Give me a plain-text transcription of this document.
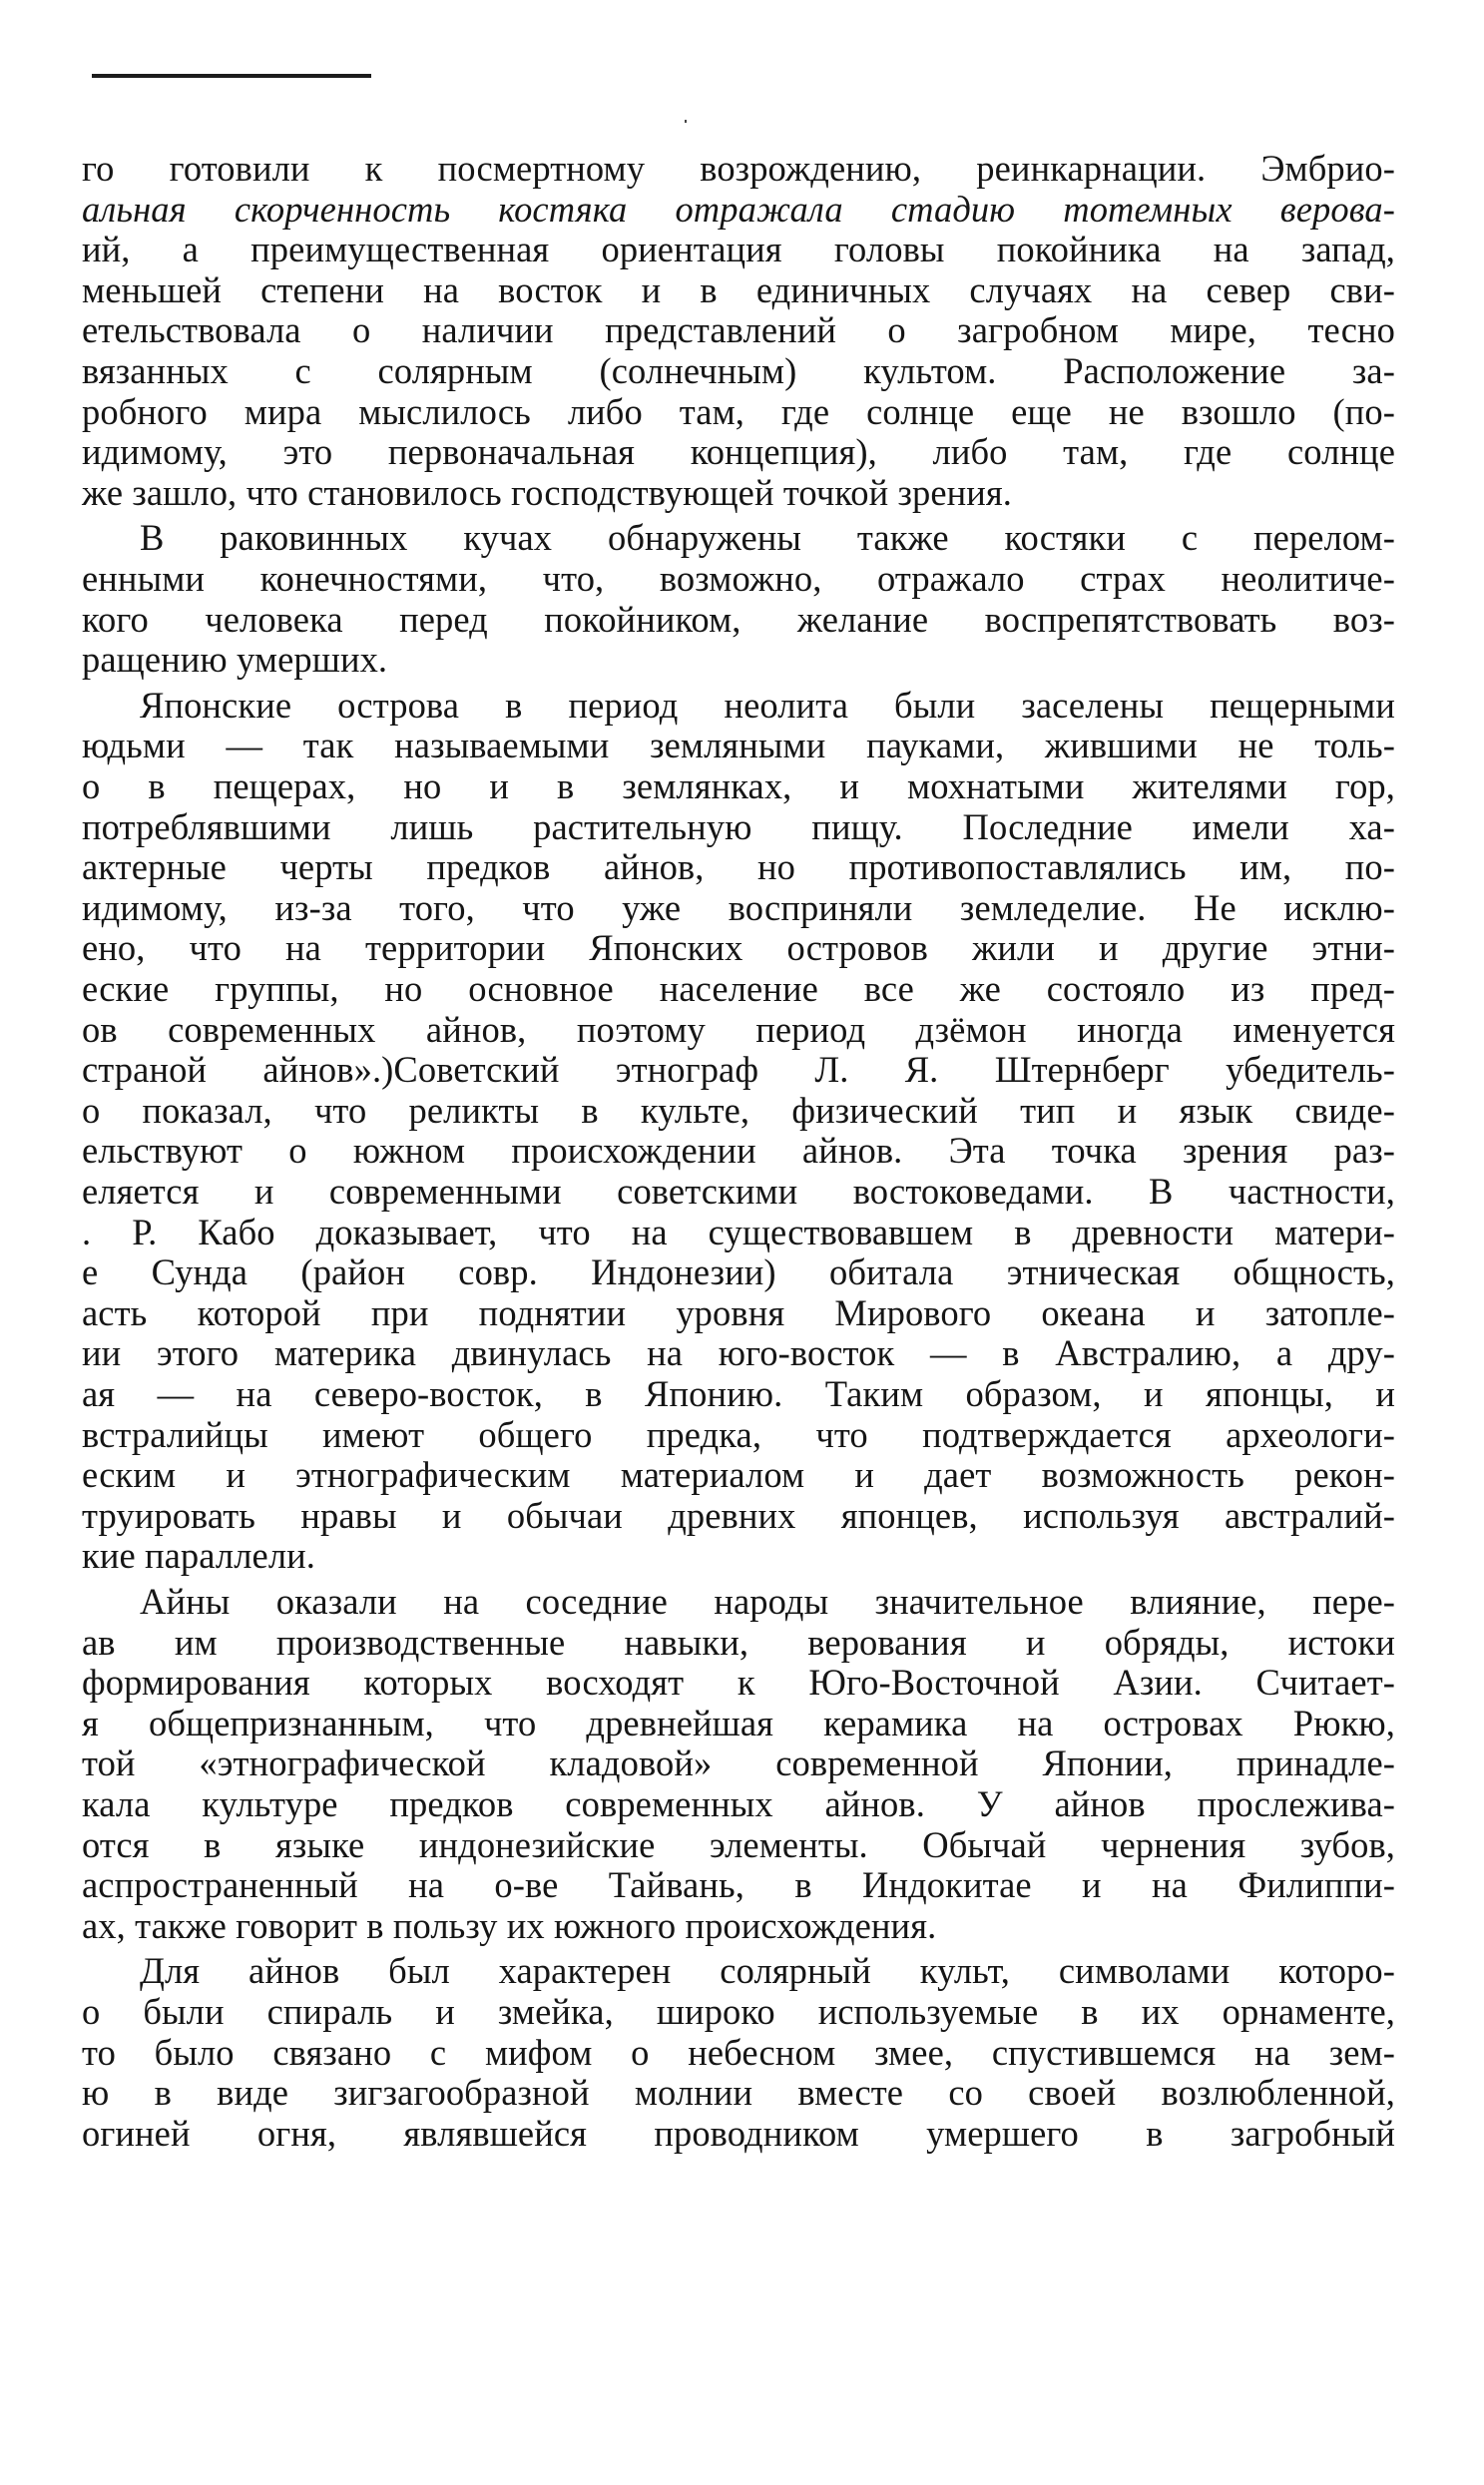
го готовили к посмертному возрождению, реинкарнации. Эмбрио-
альная скорченность костяка отражала стадию тотемных верова-
ий, а преимущественная ориентация головы покойника на запад,
меньшей степени на восток и в единичных случаях на север сви-
етельствовала о наличии представлений о загробном мире, тесно
вязанных с солярным (солнечным) культом. Расположение за-
робного мира мыслилось либо там, где солнце еще не взошло (по-
идимому, это первоначальная концепция), либо там, где солнце
же зашло, что становилось господствующей точкой зрения.
В раковинных кучах обнаружены также костяки с перелом-
енными конечностями, что, возможно, отражало страх неолитиче-
кого человека перед покойником, желание воспрепятствовать воз-
ращению умерших.
Японские острова в период неолита были заселены пещерными
юдьми — так называемыми земляными пауками, жившими не толь-
о в пещерах, но и в землянках, и мохнатыми жителями гор,
потреблявшими лишь растительную пищу. Последние имели ха-
актерные черты предков айнов, но противопоставлялись им, по-
идимому, из-за того, что уже восприняли земледелие. Не исклю-
ено, что на территории Японских островов жили и другие этни-
еские группы, но основное население все же состояло из пред-
ов современных айнов, поэтому период дзёмон иногда именуется
страной айнов».)Советский этнограф Л. Я. Штернберг убедитель-
о показал, что реликты в культе, физический тип и язык свиде-
ельствуют о южном происхождении айнов. Эта точка зрения раз-
еляется и современными советскими востоковедами. В частности,
. Р. Кабо доказывает, что на существовавшем в древности матери-
е Сунда (район совр. Индонезии) обитала этническая общность,
асть которой при поднятии уровня Мирового океана и затопле-
ии этого материка двинулась на юго-восток — в Австралию, а дру-
ая — на северо-восток, в Японию. Таким образом, и японцы, и
встралийцы имеют общего предка, что подтверждается археологи-
еским и этнографическим материалом и дает возможность рекон-
труировать нравы и обычаи древних японцев, используя австралий-
кие параллели.
Айны оказали на соседние народы значительное влияние, пере-
ав им производственные навыки, верования и обряды, истоки
формирования которых восходят к Юго-Восточной Азии. Считает-
я общепризнанным, что древнейшая керамика на островах Рюкю,
той «этнографической кладовой» современной Японии, принадле-
кала культуре предков современных айнов. У айнов прослежива-
отся в языке индонезийские элементы. Обычай чернения зубов,
аспространенный на о-ве Тайвань, в Индокитае и на Филиппи-
ах, также говорит в пользу их южного происхождения.
Для айнов был характерен солярный культ, символами которо-
о были спираль и змейка, широко используемые в их орнаменте,
то было связано с мифом о небесном змее, спустившемся на зем-
ю в виде зигзагообразной молнии вместе со своей возлюбленной,
огиней огня, являвшейся проводником умершего в загробный
